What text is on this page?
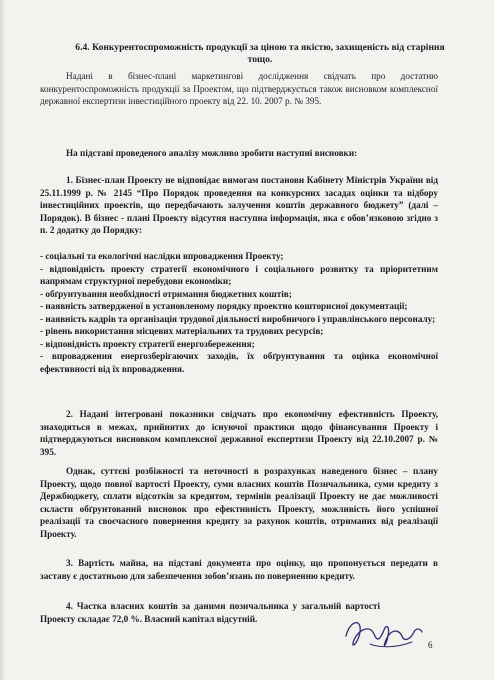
6.4. Конкурентоспроможність продукції за ціною та якістю, захищеність від старіння тощо.
Надані в бізнес-плані маркетингові дослідження свідчать про достатню конкурентоспроможність продукції за Проектом, що підтверджується також висновком комплексної державної експертизи інвестиційного проекту від 22. 10. 2007 р. № 395.
На підставі проведеного аналізу можливо зробити наступні висновки:
1. Бізнес-план Проекту не відповідає вимогам постанови Кабінету Міністрів України від 25.11.1999 р. № 2145 “Про Порядок проведення на конкурсних засадах оцінки та відбору інвестиційних проектів, що передбачають залучення коштів державного бюджету” (далі – Порядок). В бізнес - плані Проекту відсутня наступна інформація, яка є обов’язковою згідно з п. 2 додатку до Порядку:
- соціальні та екологічні наслідки впровадження Проекту;
- відповідність проекту стратегії економічного і соціального розвитку та пріоритетним напрямам структурної перебудови економіки;
- обґрунтування необхідності отримання бюджетних коштів;
- наявність затвердженої в установленому порядку проектно кошторисної документації;
- наявність кадрів та організація трудової діяльності виробничого і управлінського персоналу;
- рівень використання місцевих матеріальних та трудових ресурсів;
- відповідність проекту стратегії енергозбереження;
- впровадження енергозберігаючих заходів, їх обґрунтування та оцінка економічної ефективності від їх впровадження.
2. Надані інтегровані показники свідчать про економічну ефективність Проекту, знаходяться в межах, прийнятих до існуючої практики щодо фінансування Проекту і підтверджуються висновком комплексної державної експертизи Проекту від 22.10.2007 р. № 395.
Однак, суттєві розбіжності та неточності в розрахунках наведеного бізнес – плану Проекту, щодо повної вартості Проекту, суми власних коштів Позичальника, суми кредиту з Держбюджету, сплати відсотків за кредитом, термінів реалізації Проекту не дає можливості скласти обґрунтований висновок про ефективність Проекту, можливість його успішної реалізації та своєчасного повернення кредиту за рахунок коштів, отриманих від реалізації Проекту.
3. Вартість майна, на підставі документа про оцінку, що пропонується передати в заставу є достатньою для забезпечення зобов’язань по поверненню кредиту.
4. Частка власних коштів за даними позичальника у загальній вартості Проекту складає 72,0 %. Власний капітал відсутній.
6
